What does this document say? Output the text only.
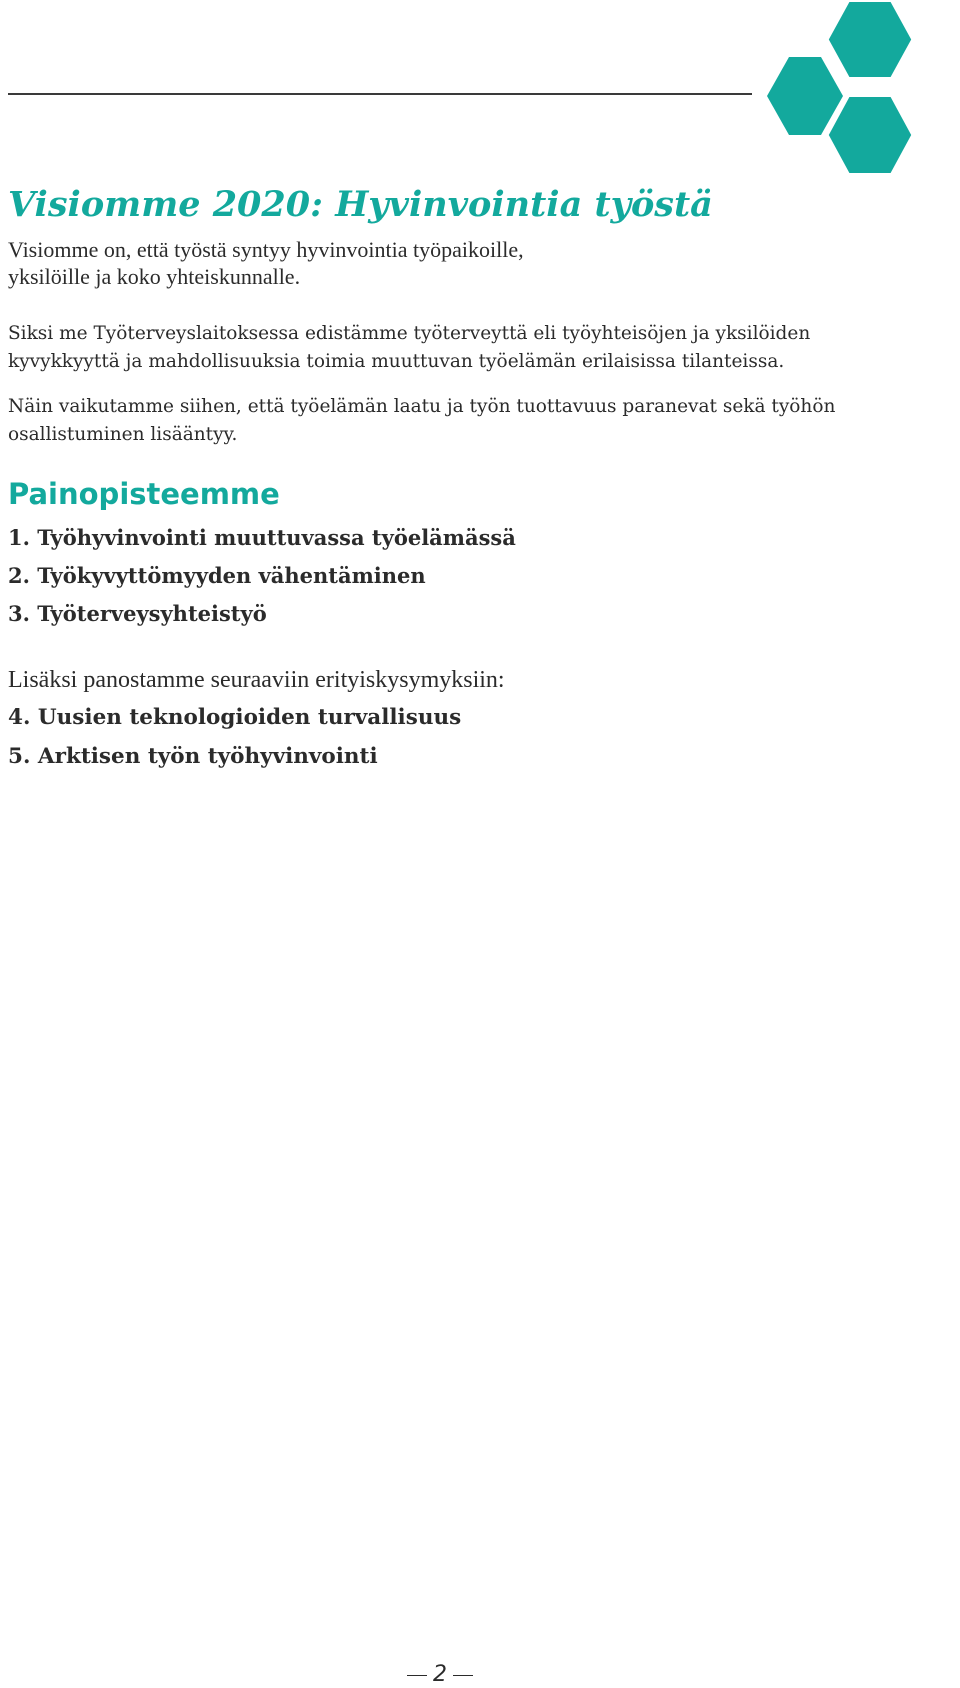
Visiomme 2020: Hyvinvointia työstä

Visiomme on, että työstä syntyy hyvinvointia työpaikoille,
yksilöille ja koko yhteiskunnalle.

Siksi me Työterveyslaitoksessa edistämme työterveyttä eli työyhteisöjen ja yksilöiden kyvykkyyttä ja mahdollisuuksia toimia muuttuvan työelämän erilaisissa tilanteissa.

Näin vaikutamme siihen, että työelämän laatu ja työn tuottavuus paranevat sekä työhön osallistuminen lisääntyy.

Painopisteemme
1. Työhyvinvointi muuttuvassa työelämässä
2. Työkyvyttömyyden vähentäminen
3. Työterveysyhteistyö

Lisäksi panostamme seuraaviin erityiskysymyksiin:

4. Uusien teknologioiden turvallisuus
5. Arktisen työn työhyvinvointi
2
